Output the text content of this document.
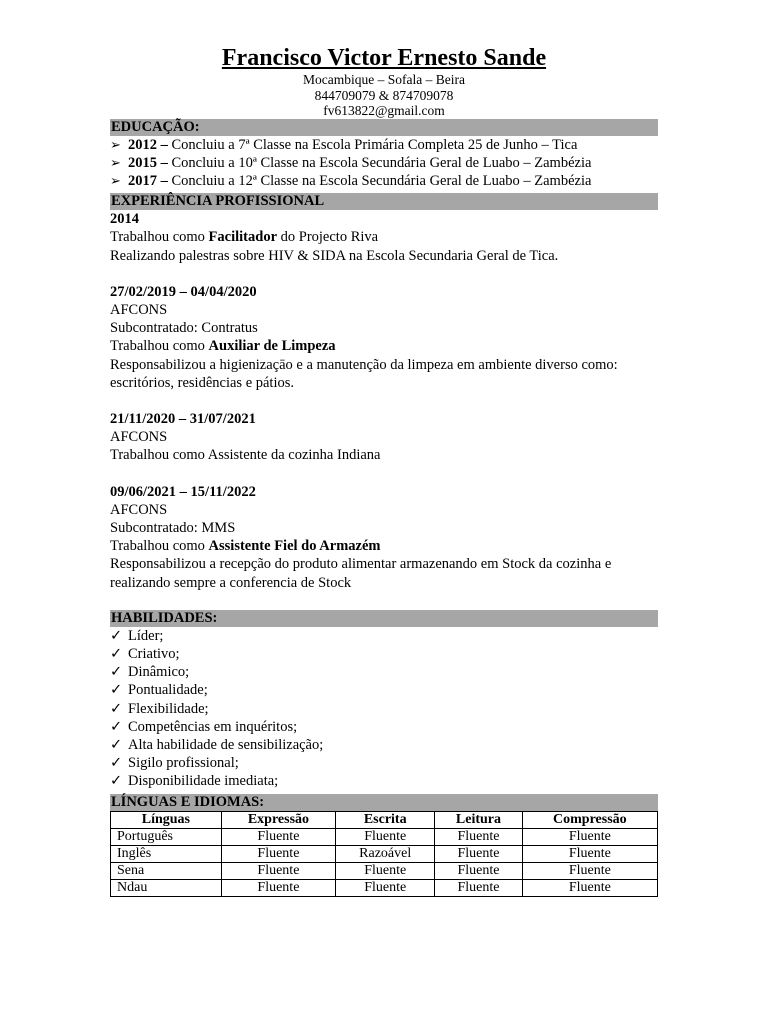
Francisco Victor Ernesto Sande
Mocambique – Sofala – Beira
844709079 & 874709078
fv613822@gmail.com
EDUCAÇÃO:
➢ 2012 – Concluiu a 7ª Classe na Escola Primária Completa 25 de Junho – Tica
➢ 2015 – Concluiu a 10ª Classe na Escola Secundária Geral de Luabo – Zambézia
➢ 2017 – Concluiu a 12ª Classe na Escola Secundária Geral de Luabo – Zambézia
EXPERIÊNCIA PROFISSIONAL
2014
Trabalhou como Facilitador do Projecto Riva
Realizando palestras sobre HIV & SIDA na Escola Secundaria Geral de Tica.
27/02/2019 – 04/04/2020
AFCONS
Subcontratado: Contratus
Trabalhou como Auxiliar de Limpeza
Responsabilizou a higienizaçāo e a manutenção da limpeza em ambiente diverso como:
escritórios, residências e pátios.
21/11/2020 – 31/07/2021
AFCONS
Trabalhou como Assistente da cozinha Indiana
09/06/2021 – 15/11/2022
AFCONS
Subcontratado: MMS
Trabalhou como Assistente Fiel do Armazém
Responsabilizou a recepção do produto alimentar armazenando em Stock da cozinha e
realizando sempre a conferencia de Stock
HABILIDADES:
✓ Líder;
✓ Criativo;
✓ Dinâmico;
✓ Pontualidade;
✓ Flexibilidade;
✓ Competências em inquéritos;
✓ Alta habilidade de sensibilização;
✓ Sigilo profissional;
✓ Disponibilidade imediata;
LÍNGUAS E IDIOMAS:
Línguas	Expressão	Escrita	Leitura	Compressão
Português	Fluente	Fluente	Fluente	Fluente
Inglês	Fluente	Razoável	Fluente	Fluente
Sena	Fluente	Fluente	Fluente	Fluente
Ndau	Fluente	Fluente	Fluente	Fluente
